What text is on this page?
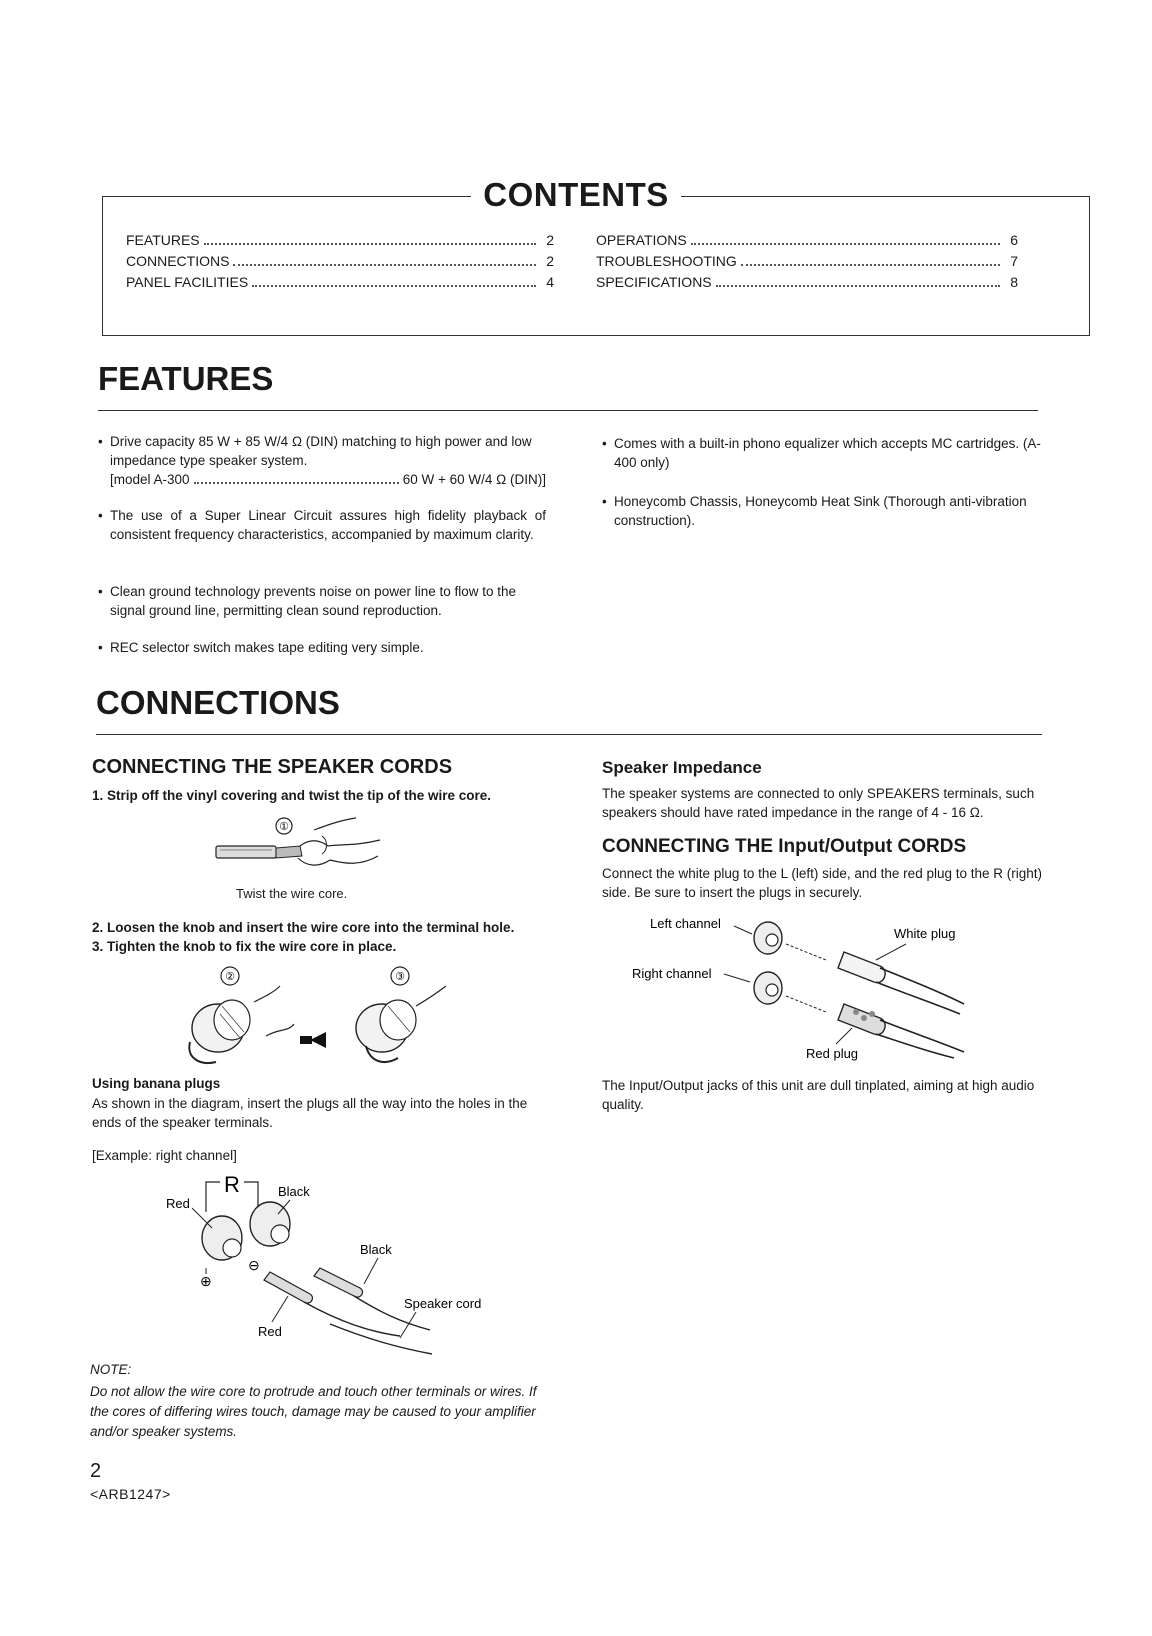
CONTENTS
FEATURES	2
CONNECTIONS	2
PANEL FACILITIES	4
OPERATIONS	6
TROUBLESHOOTING	7
SPECIFICATIONS	8
FEATURES
• Drive capacity 85 W + 85 W/4 Ω (DIN) matching to high power and low impedance type speaker system.
[model A-300	60 W + 60 W/4 Ω (DIN)]
• The use of a Super Linear Circuit assures high fidelity playback of consistent frequency characteristics, accompanied by maximum clarity.
• Clean ground technology prevents noise on power line to flow to the signal ground line, permitting clean sound reproduction.
• REC selector switch makes tape editing very simple.
• Comes with a built-in phono equalizer which accepts MC cartridges. (A-400 only)
• Honeycomb Chassis, Honeycomb Heat Sink (Thorough anti-vibration construction).
CONNECTIONS
CONNECTING THE SPEAKER CORDS
1. Strip off the vinyl covering and twist the tip of the wire core.
①
Twist the wire core.
2. Loosen the knob and insert the wire core into the terminal hole.
3. Tighten the knob to fix the wire core in place.
②	③
Using banana plugs
As shown in the diagram, insert the plugs all the way into the holes in the ends of the speaker terminals.
[Example: right channel]
R
Red
Black
⊕
⊖
Black
Speaker cord
Red
NOTE:
Do not allow the wire core to protrude and touch other terminals or wires. If the cores of differing wires touch, damage may be caused to your amplifier and/or speaker systems.
Speaker Impedance
The speaker systems are connected to only SPEAKERS terminals, such speakers should have rated impedance in the range of 4 - 16 Ω.
CONNECTING THE Input/Output CORDS
Connect the white plug to the L (left) side, and the red plug to the R (right) side. Be sure to insert the plugs in securely.
Left channel
Right channel
White plug
Red plug
The Input/Output jacks of this unit are dull tinplated, aiming at high audio quality.
2
<ARB1247>
